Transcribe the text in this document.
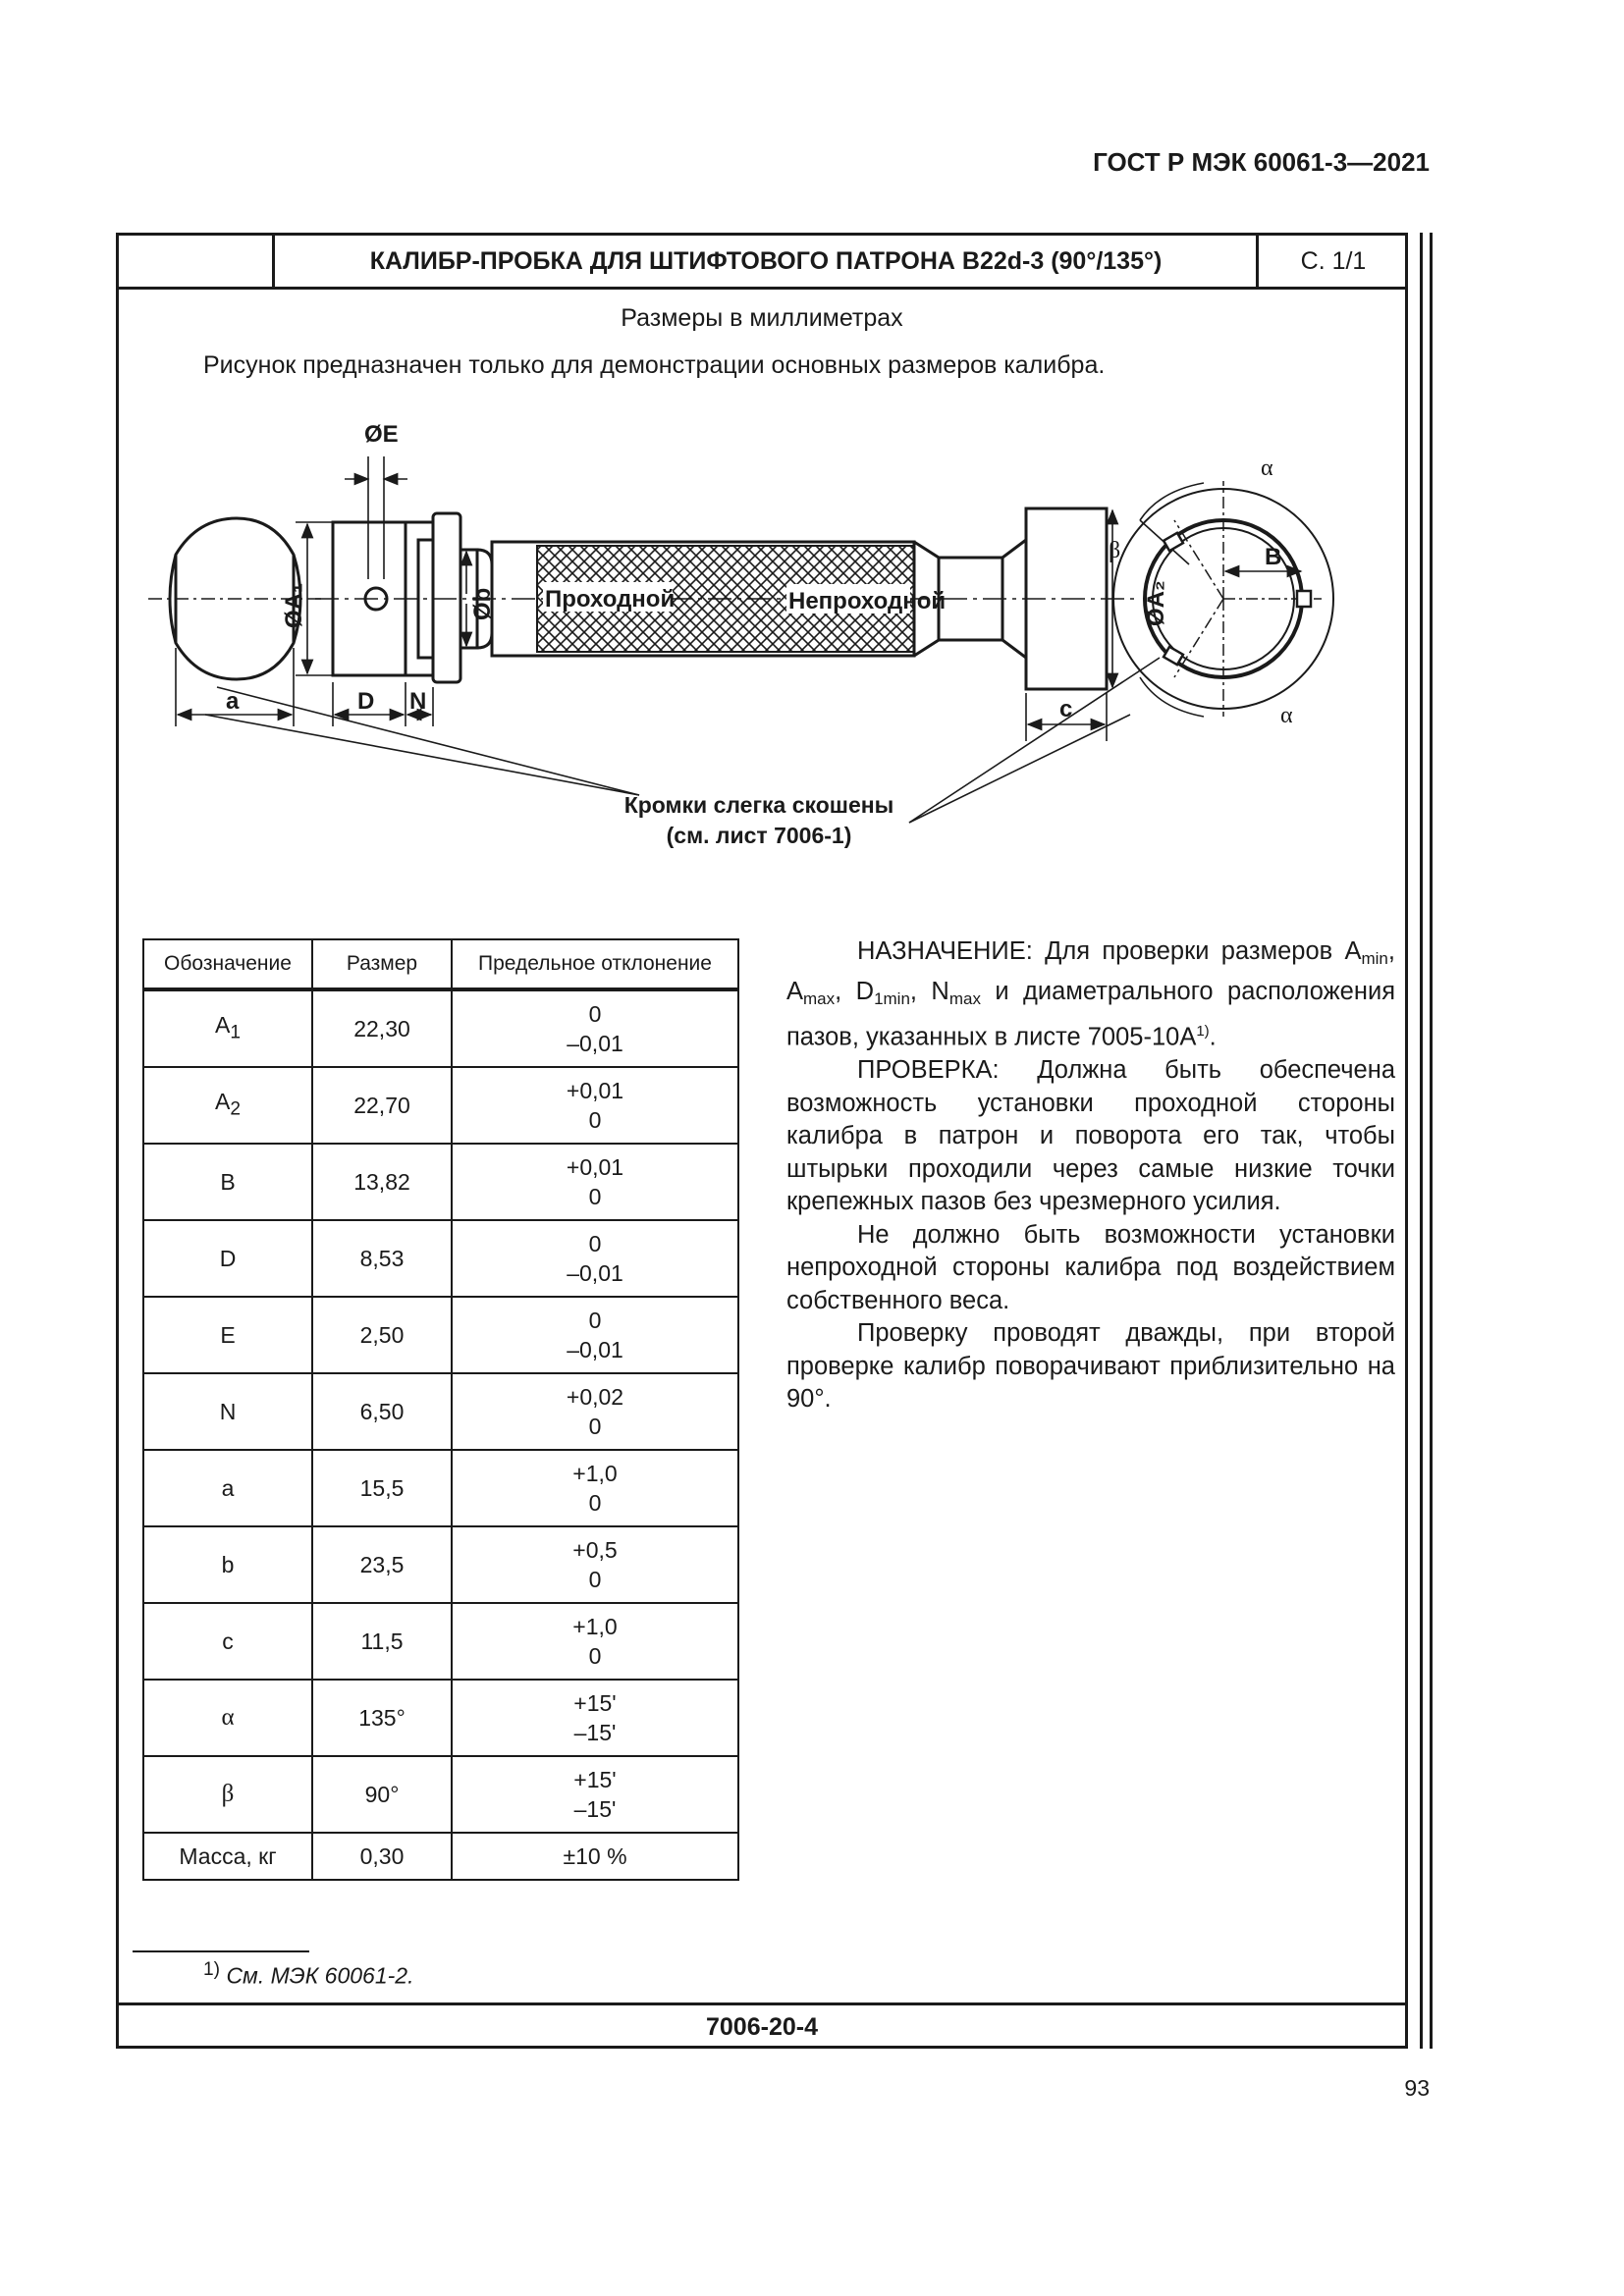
ГОСТ Р МЭК 60061-3—2021
КАЛИБР-ПРОБКА ДЛЯ ШТИФТОВОГО ПАТРОНА B22d-3 (90°/135°)	С. 1/1
Размеры в миллиметрах
Рисунок предназначен только для демонстрации основных размеров калибра.
Проходной	Непроходной
ØE
ØA₁	Øb	ØA₂
a	D N	c
B
α
α
β
Кромки слегка скошены
(см. лист 7006-1)
Обозначение	Размер	Предельное отклонение
$A_1$	22,30	0
–0,01
$A_2$	22,70	+0,01
0
B	13,82	+0,01
0
D	8,53	0
–0,01
E	2,50	0
–0,01
N	6,50	+0,02
0
a	15,5	+1,0
0
b	23,5	+0,5
0
c	11,5	+1,0
0
α	135°	+15'
–15'
β	90°	+15'
–15'
Масса, кг	0,30	±10 %

НАЗНАЧЕНИЕ: Для проверки размеров $A_{min}$, $A_{max}$, $D_{1min}$, $N_{max}$ и диаметрального расположения пазов, указанных в листе $7005-10A^{1)}$.

ПРОВЕРКА: Должна быть обеспечена возможность установки проходной стороны калибра в патрон и поворота его так, чтобы штырьки проходили через самые низкие точки крепежных пазов без чрезмерного усилия.

Не должно быть возможности установки непроходной стороны калибра под воздействием собственного веса.

Проверку проводят дважды, при второй проверке калибр поворачивают приблизительно на 90°.

$^{1)}$ См. МЭК 60061-2.
7006-20-4
93
